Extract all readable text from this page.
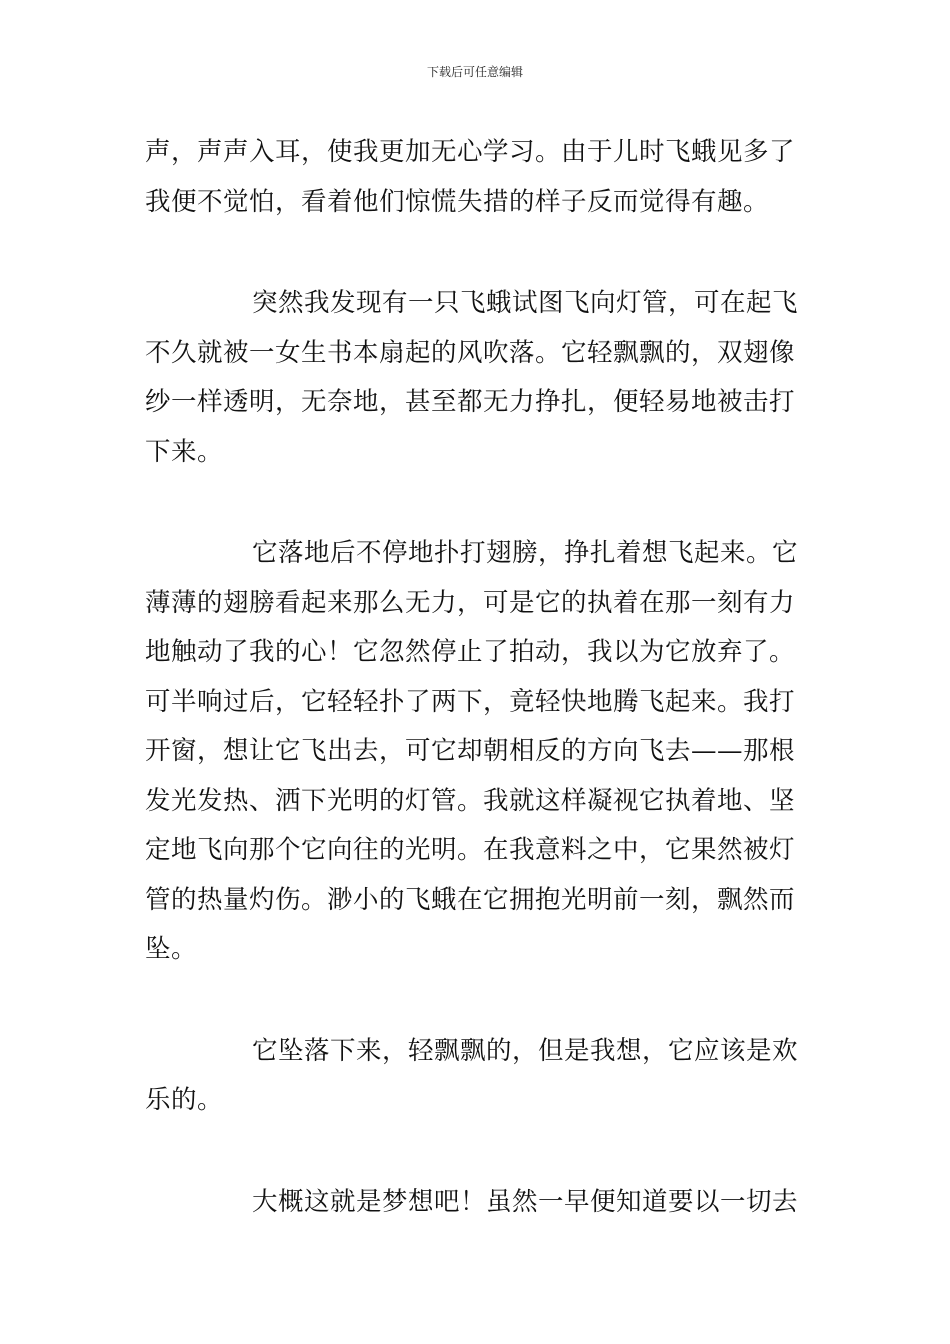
下载后可任意编辑

声，声声入耳，使我更加无心学习。由于儿时飞蛾见多了我便不觉怕，看着他们惊慌失措的样子反而觉得有趣。

突然我发现有一只飞蛾试图飞向灯管，可在起飞不久就被一女生书本扇起的风吹落。它轻飘飘的，双翅像纱一样透明，无奈地，甚至都无力挣扎，便轻易地被击打下来。

它落地后不停地扑打翅膀，挣扎着想飞起来。它薄薄的翅膀看起来那么无力，可是它的执着在那一刻有力地触动了我的心！它忽然停止了拍动，我以为它放弃了。可半响过后，它轻轻扑了两下，竟轻快地腾飞起来。我打开窗，想让它飞出去，可它却朝相反的方向飞去——那根发光发热、洒下光明的灯管。我就这样凝视它执着地、坚定地飞向那个它向往的光明。在我意料之中，它果然被灯管的热量灼伤。渺小的飞蛾在它拥抱光明前一刻，飘然而坠。

它坠落下来，轻飘飘的，但是我想，它应该是欢乐的。

大概这就是梦想吧！虽然一早便知道要以一切去
